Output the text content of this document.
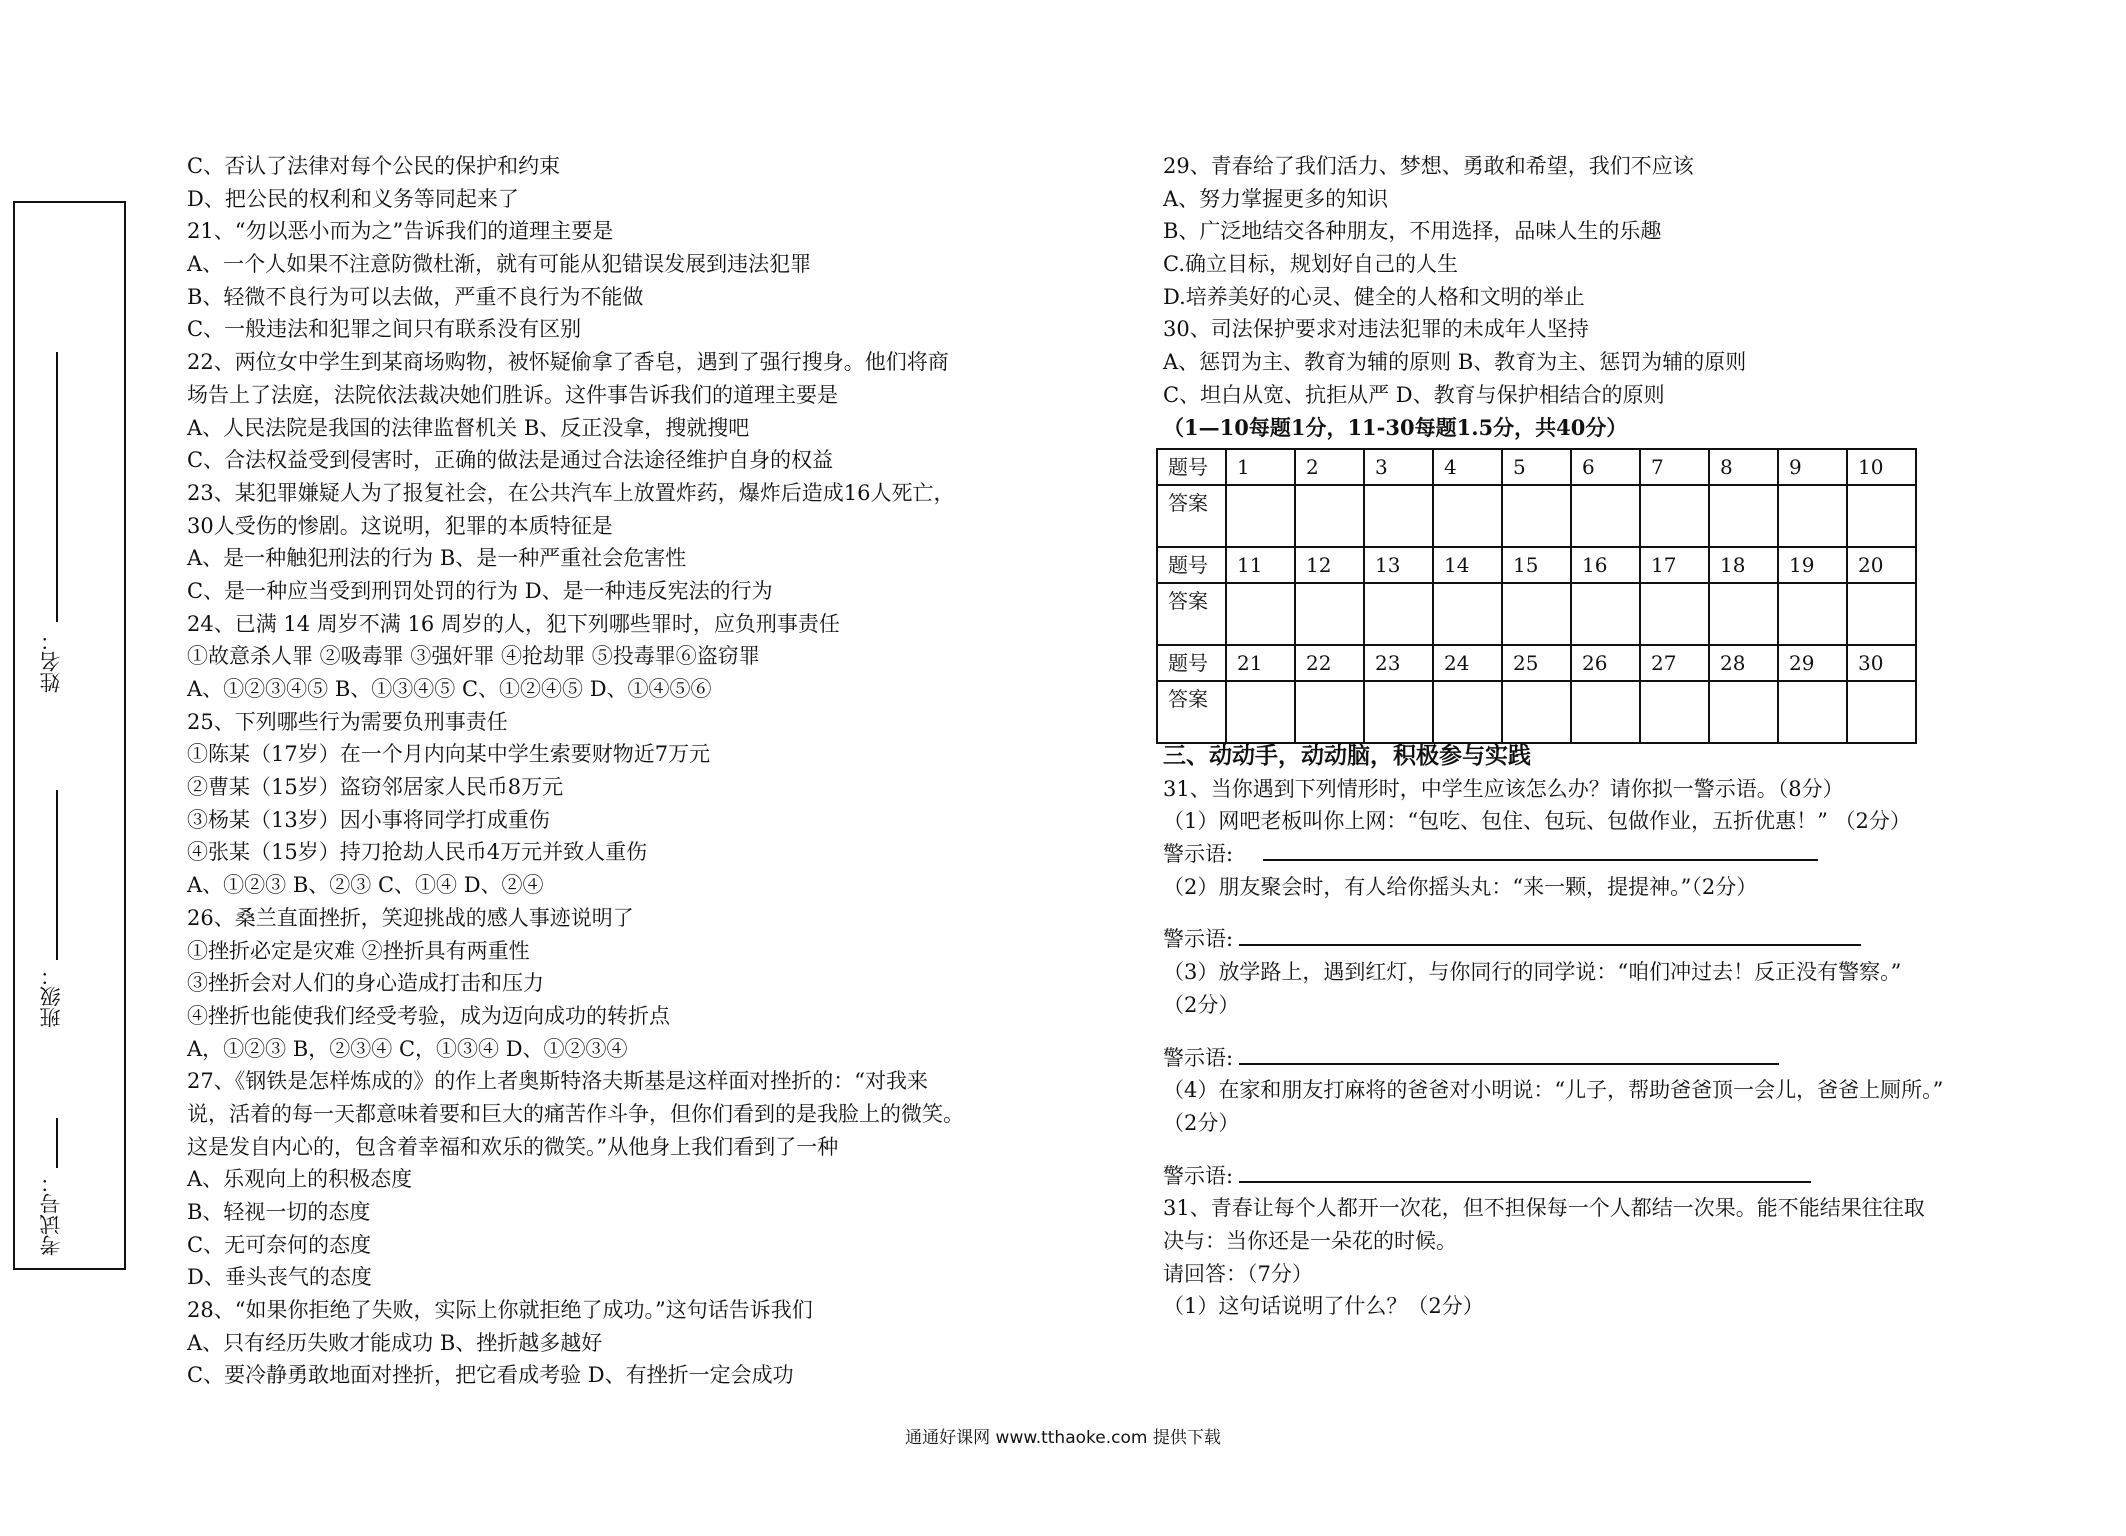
姓名：
班级：
考试号：
C、否认了法律对每个公民的保护和约束
D、把公民的权利和义务等同起来了
21、“勿以恶小而为之”告诉我们的道理主要是
A、一个人如果不注意防微杜渐，就有可能从犯错误发展到违法犯罪
B、轻微不良行为可以去做，严重不良行为不能做
C、一般违法和犯罪之间只有联系没有区别
22、两位女中学生到某商场购物，被怀疑偷拿了香皂，遇到了强行搜身。他们将商
场告上了法庭，法院依法裁决她们胜诉。这件事告诉我们的道理主要是
A、人民法院是我国的法律监督机关 B、反正没拿，搜就搜吧
C、合法权益受到侵害时，正确的做法是通过合法途径维护自身的权益
23、某犯罪嫌疑人为了报复社会，在公共汽车上放置炸药，爆炸后造成16人死亡，
30人受伤的惨剧。这说明，犯罪的本质特征是
A、是一种触犯刑法的行为 B、是一种严重社会危害性
C、是一种应当受到刑罚处罚的行为 D、是一种违反宪法的行为
24、已满 14 周岁不满 16 周岁的人，犯下列哪些罪时，应负刑事责任
①故意杀人罪 ②吸毒罪 ③强奸罪 ④抢劫罪 ⑤投毒罪⑥盗窃罪
A、①②③④⑤ B、①③④⑤ C、①②④⑤ D、①④⑤⑥
25、下列哪些行为需要负刑事责任
①陈某（17岁）在一个月内向某中学生索要财物近7万元
②曹某（15岁）盗窃邻居家人民币8万元
③杨某（13岁）因小事将同学打成重伤
④张某（15岁）持刀抢劫人民币4万元并致人重伤
A、①②③ B、②③ C、①④ D、②④
26、桑兰直面挫折，笑迎挑战的感人事迹说明了
①挫折必定是灾难 ②挫折具有两重性
③挫折会对人们的身心造成打击和压力
④挫折也能使我们经受考验，成为迈向成功的转折点
A，①②③ B，②③④ C，①③④ D、①②③④
27、《钢铁是怎样炼成的》的作上者奥斯特洛夫斯基是这样面对挫折的：“对我来
说，活着的每一天都意味着要和巨大的痛苦作斗争，但你们看到的是我脸上的微笑。
这是发自内心的，包含着幸福和欢乐的微笑。”从他身上我们看到了一种
A、乐观向上的积极态度
B、轻视一切的态度
C、无可奈何的态度
D、垂头丧气的态度
28、“如果你拒绝了失败，实际上你就拒绝了成功。”这句话告诉我们
A、只有经历失败才能成功 B、挫折越多越好
C、要冷静勇敢地面对挫折，把它看成考验 D、有挫折一定会成功
29、青春给了我们活力、梦想、勇敢和希望，我们不应该
A、努力掌握更多的知识
B、广泛地结交各种朋友，不用选择，品味人生的乐趣
C.确立目标，规划好自己的人生
D.培养美好的心灵、健全的人格和文明的举止
30、司法保护要求对违法犯罪的未成年人坚持
A、惩罚为主、教育为辅的原则 B、教育为主、惩罚为辅的原则
C、坦白从宽、抗拒从严 D、教育与保护相结合的原则
（1—10每题1分，11-30每题1.5分，共40分）
题号	1	2	3	4	5	6	7	8	9	10
答案										
题号	11	12	13	14	15	16	17	18	19	20
答案										
题号	21	22	23	24	25	26	27	28	29	30
答案										
三、动动手，动动脑，积极参与实践
31、当你遇到下列情形时，中学生应该怎么办？请你拟一警示语。（8分）
（1）网吧老板叫你上网：“包吃、包住、包玩、包做作业，五折优惠！” （2分）
警示语:
（2）朋友聚会时，有人给你摇头丸：“来一颗，提提神。”（2分）
警示语:
（3）放学路上，遇到红灯，与你同行的同学说：“咱们冲过去！反正没有警察。”
（2分）
警示语:
（4）在家和朋友打麻将的爸爸对小明说：“儿子，帮助爸爸顶一会儿，爸爸上厕所。”
（2分）
警示语:
31、青春让每个人都开一次花，但不担保每一个人都结一次果。能不能结果往往取
决与：当你还是一朵花的时候。
请回答：（7分）
（1）这句话说明了什么？（2分）
通通好课网 www.tthaoke.com 提供下载
